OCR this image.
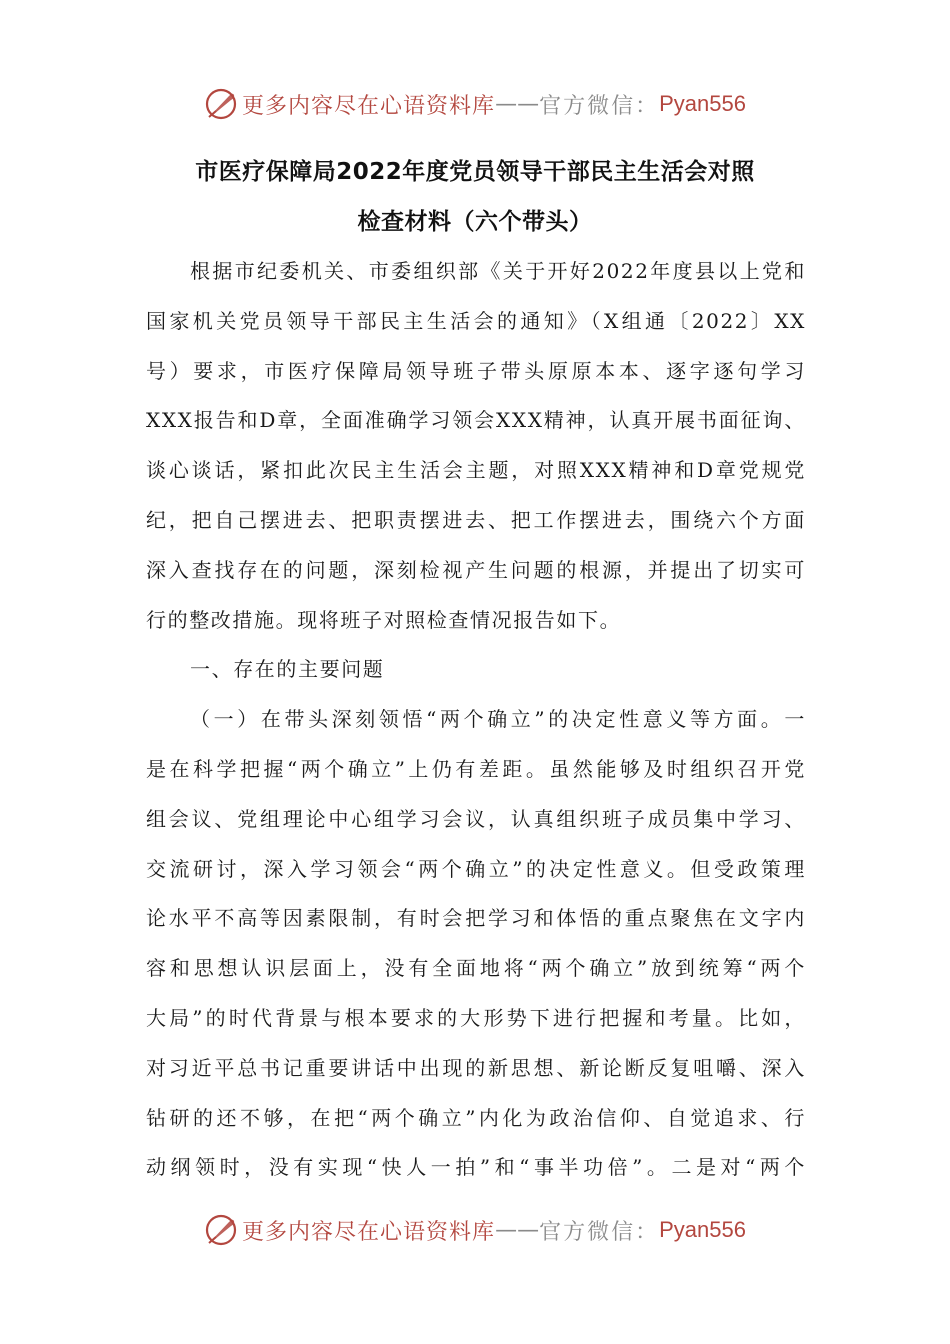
更多内容尽在心语资料库 —— 官方微信： Pyan556
市医疗保障局2022年度党员领导干部民主生活会对照
检查材料（六个带头）
根据市纪委机关、市委组织部《关于开好2022年度县以上党和
国家机关党员领导干部民主生活会的通知》（X组通〔2022〕XX
号）要求，市医疗保障局领导班子带头原原本本、逐字逐句学习
XXX报告和D章，全面准确学习领会XXX精神，认真开展书面征询、
谈心谈话，紧扣此次民主生活会主题，对照XXX精神和D章党规党
纪，把自己摆进去、把职责摆进去、把工作摆进去，围绕六个方面
深入查找存在的问题，深刻检视产生问题的根源，并提出了切实可
行的整改措施。现将班子对照检查情况报告如下。
一、存在的主要问题
（一）在带头深刻领悟“两个确立”的决定性意义等方面。一
是在科学把握“两个确立”上仍有差距。虽然能够及时组织召开党
组会议、党组理论中心组学习会议，认真组织班子成员集中学习、
交流研讨，深入学习领会“两个确立”的决定性意义。但受政策理
论水平不高等因素限制，有时会把学习和体悟的重点聚焦在文字内
容和思想认识层面上，没有全面地将“两个确立”放到统筹“两个
大局”的时代背景与根本要求的大形势下进行把握和考量。比如，
对习近平总书记重要讲话中出现的新思想、新论断反复咀嚼、深入
钻研的还不够，在把“两个确立”内化为政治信仰、自觉追求、行
动纲领时，没有实现“快人一拍”和“事半功倍”。二是对“两个
更多内容尽在心语资料库 —— 官方微信： Pyan556
